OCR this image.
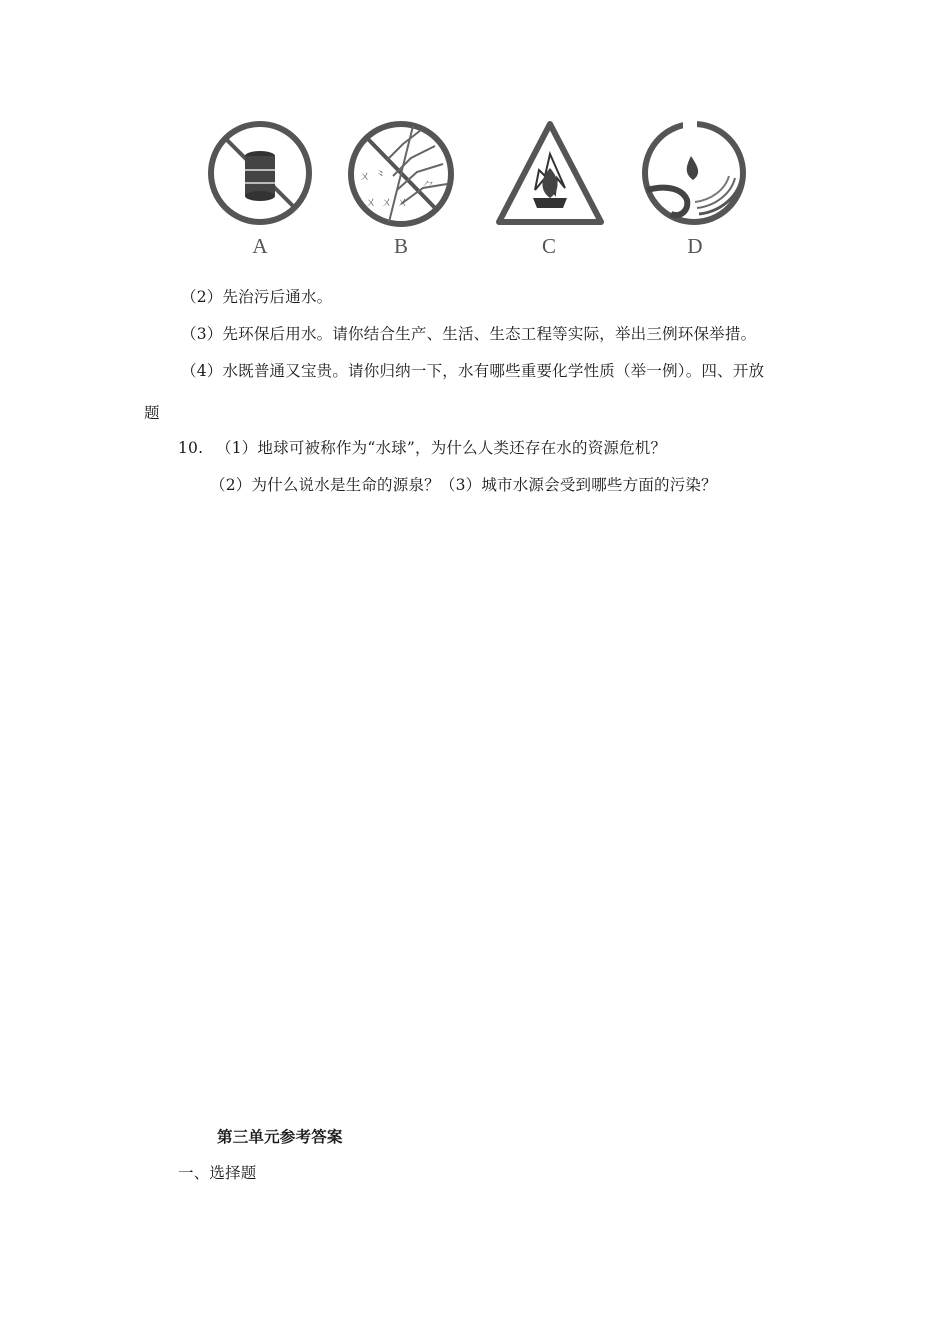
A
ㄨ ⺀
ㄨ ㄨ ㄨ
⺈
B	C	D
（2）先治污后通水。
（3）先环保后用水。请你结合生产、生活、生态工程等实际，举出三例环保举措。
（4）水既普通又宝贵。请你归纳一下，水有哪些重要化学性质（举一例）。四、开放
题
10. （1）地球可被称作为“水球”，为什么人类还存在水的资源危机？
（2）为什么说水是生命的源泉？（3）城市水源会受到哪些方面的污染？
第三单元参考答案
一、选择题
